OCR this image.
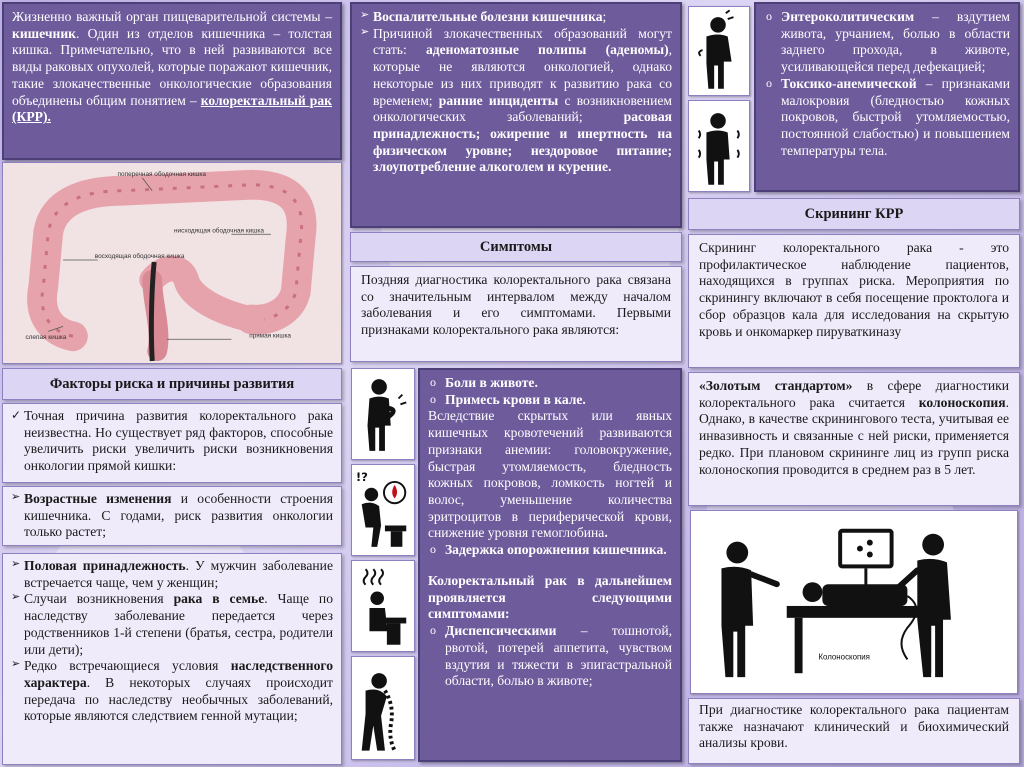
Жизненно важный орган пищеварительной системы – кишечник. Один из отделов кишечника – толстая кишка. Примечательно, что в ней развиваются все виды раковых опухолей, которые поражают кишечник, такие злокачественные онкологические образования объединены общим понятием – колоректальный рак (КРР).
поперечная ободочная кишка
нисходящая ободочная кишка
восходящая ободочная кишка
слепая кишка	прямая кишка
Факторы риска и причины развития
✓ Точная причина развития колоректального рака неизвестна. Но существует ряд факторов, способные увеличить риски увеличить риски возникновения онкологии прямой кишки:
➢ Возрастные изменения и особенности строения кишечника. С годами, риск развития онкологии только растет;
➢ Половая принадлежность. У мужчин заболевание встречается чаще, чем у женщин;
➢ Случаи возникновения рака в семье. Чаще по наследству заболевание передается через родственников 1-й степени (братья, сестра, родители или дети);
➢ Редко встречающиеся условия наследственного характера. В некоторых случаях происходит передача по наследству необычных заболеваний, которые являются следствием генной мутации;
➢ Воспалительные болезни кишечника;
➢ Причиной злокачественных образований могут стать: аденоматозные полипы (аденомы), которые не являются онкологией, однако некоторые из них приводят к развитию рака со временем; ранние инциденты с возникновением онкологических заболеваний; расовая принадлежность; ожирение и инертность на физическом уровне; нездоровое питание; злоупотребление алкоголем и курение.
Симптомы
Поздняя диагностика колоректального рака связана со значительным интервалом между началом заболевания и его симптомами. Первыми признаками колоректального рака являются:
!?
o Боли в животе.
o Примесь крови в кале.
Вследствие скрытых или явных кишечных кровотечений развиваются признаки анемии: головокружение, быстрая утомляемость, бледность кожных покровов, ломкость ногтей и волос, уменьшение количества эритроцитов в периферической крови, снижение уровня гемоглобина.
o Задержка опорожнения кишечника.
Колоректальный рак в дальнейшем проявляется следующими симптомами:
o Диспепсическими – тошнотой, рвотой, потерей аппетита, чувством вздутия и тяжести в эпигастральной области, болью в животе;
o Энтероколитическим – вздутием живота, урчанием, болью в области заднего прохода, в животе, усиливающейся перед дефекацией;
o Токсико-анемической – признаками малокровия (бледностью кожных покровов, быстрой утомляемостью, постоянной слабостью) и повышением температуры тела.
Скрининг КРР
Скрининг колоректального рака - это профилактическое наблюдение пациентов, находящихся в группах риска. Мероприятия по скринингу включают в себя посещение проктолога и сбор образцов кала для исследования на скрытую кровь и онкомаркер пируваткиназу
«Золотым стандартом» в сфере диагностики колоректального рака считается колоноскопия. Однако, в качестве скринингового теста, учитывая ее инвазивность и связанные с ней риски, применяется редко. При плановом скрининге лиц из групп риска колоноскопия проводится в среднем раз в 5 лет.
Колоноскопия
При диагностике колоректального рака пациентам также назначают клинический и биохимический анализы крови.
